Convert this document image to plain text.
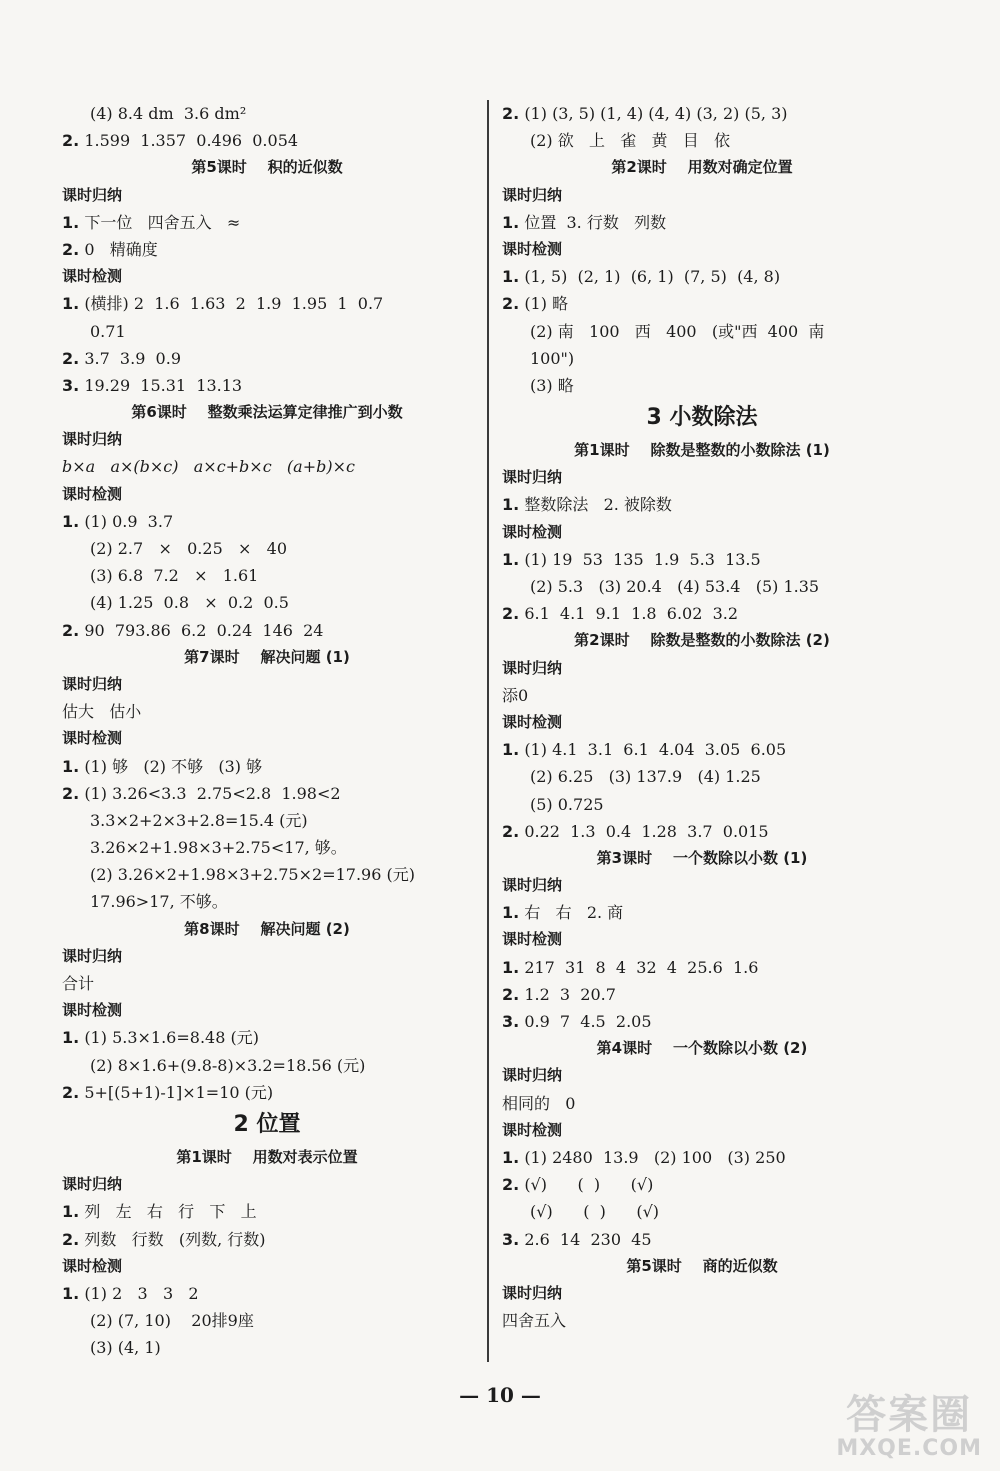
(4) 8.4 dm  3.6 dm²
2. 1.599  1.357  0.496  0.054
第5课时    积的近似数
课时归纳
1. 下一位   四舍五入   ≈
2. 0   精确度
课时检测
1. (横排) 2  1.6  1.63  2  1.9  1.95  1  0.7
0.71
2. 3.7  3.9  0.9
3. 19.29  15.31  13.13
第6课时    整数乘法运算定律推广到小数
课时归纳
b×a   a×(b×c)   a×c+b×c   (a+b)×c
课时检测
1. (1) 0.9  3.7
(2) 2.7   ×   0.25   ×   40
(3) 6.8  7.2   ×   1.61
(4) 1.25  0.8   ×  0.2  0.5
2. 90  793.86  6.2  0.24  146  24
第7课时    解决问题 (1)
课时归纳
估大   估小
课时检测
1. (1) 够   (2) 不够   (3) 够
2. (1) 3.26<3.3  2.75<2.8  1.98<2
3.3×2+2×3+2.8=15.4 (元)
3.26×2+1.98×3+2.75<17, 够。
(2) 3.26×2+1.98×3+2.75×2=17.96 (元)
17.96>17, 不够。
第8课时    解决问题 (2)
课时归纳
合计
课时检测
1. (1) 5.3×1.6=8.48 (元)
(2) 8×1.6+(9.8-8)×3.2=18.56 (元)
2. 5+[(5+1)-1]×1=10 (元)
2 位置
第1课时    用数对表示位置
课时归纳
1. 列   左   右   行   下   上
2. 列数   行数   (列数, 行数)
课时检测
1. (1) 2   3   3   2
(2) (7, 10)    20排9座
(3) (4, 1)
2. (1) (3, 5) (1, 4) (4, 4) (3, 2) (5, 3)
(2) 欲   上   雀   黄   目   依
第2课时    用数对确定位置
课时归纳
1. 位置  3. 行数   列数
课时检测
1. (1, 5)  (2, 1)  (6, 1)  (7, 5)  (4, 8)
2. (1) 略
(2) 南   100   西   400   (或"西  400  南
100")
(3) 略
3 小数除法
第1课时    除数是整数的小数除法 (1)
课时归纳
1. 整数除法   2. 被除数
课时检测
1. (1) 19  53  135  1.9  5.3  13.5
(2) 5.3   (3) 20.4   (4) 53.4   (5) 1.35
2. 6.1  4.1  9.1  1.8  6.02  3.2
第2课时    除数是整数的小数除法 (2)
课时归纳
添0
课时检测
1. (1) 4.1  3.1  6.1  4.04  3.05  6.05
(2) 6.25   (3) 137.9   (4) 1.25
(5) 0.725
2. 0.22  1.3  0.4  1.28  3.7  0.015
第3课时    一个数除以小数 (1)
课时归纳
1. 右   右   2. 商
课时检测
1. 217  31  8  4  32  4  25.6  1.6
2. 1.2  3  20.7
3. 0.9  7  4.5  2.05
第4课时    一个数除以小数 (2)
课时归纳
相同的   0
课时检测
1. (1) 2480  13.9   (2) 100   (3) 250
2. (√)      (  )      (√)
(√)      (  )      (√)
3. 2.6  14  230  45
第5课时    商的近似数
课时归纳
四舍五入
— 10 —	答案圈
MXQE.COM
